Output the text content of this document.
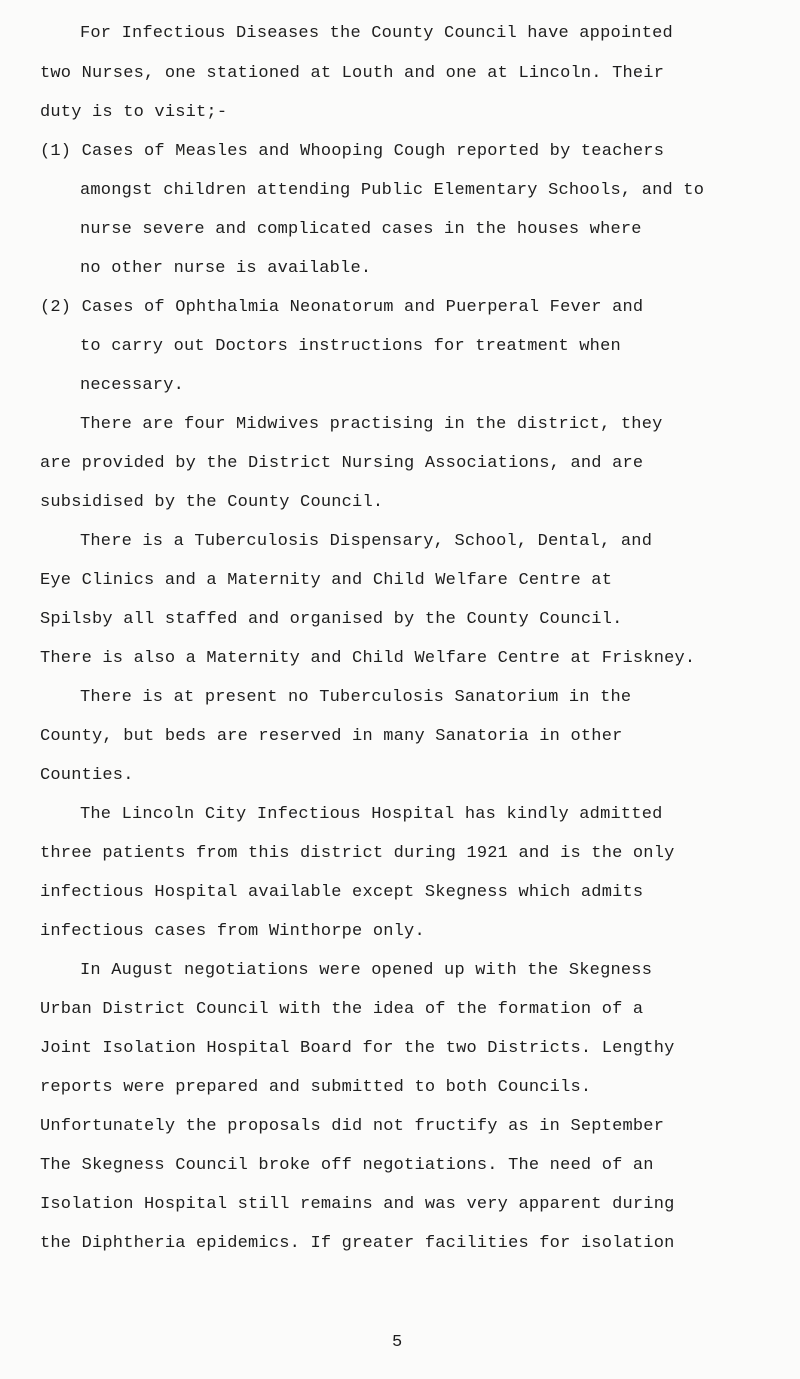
For Infectious Diseases the County Council have appointed
two Nurses, one stationed at Louth and one at Lincoln. Their
duty is to visit;-
(1) Cases of Measles and Whooping Cough reported by teachers
amongst children attending Public Elementary Schools, and to
nurse severe and complicated cases in the houses where
no other nurse is available.
(2) Cases of Ophthalmia Neonatorum and Puerperal Fever and
to carry out Doctors instructions for treatment when
necessary.
There are four Midwives practising in the district, they
are provided by the District Nursing Associations, and are
subsidised by the County Council.
There is a Tuberculosis Dispensary, School, Dental, and
Eye Clinics and a Maternity and Child Welfare Centre at
Spilsby all staffed and organised by the County Council.
There is also a Maternity and Child Welfare Centre at Friskney.
There is at present no Tuberculosis Sanatorium in the
County, but beds are reserved in many Sanatoria in other
Counties.
The Lincoln City Infectious Hospital has kindly admitted
three patients from this district during 1921 and is the only
infectious Hospital available except Skegness which admits
infectious cases from Winthorpe only.
In August negotiations were opened up with the Skegness
Urban District Council with the idea of the formation of a
Joint Isolation Hospital Board for the two Districts. Lengthy
reports were prepared and submitted to both Councils.
Unfortunately the proposals did not fructify as in September
The Skegness Council broke off negotiations. The need of an
Isolation Hospital still remains and was very apparent during
the Diphtheria epidemics. If greater facilities for isolation
5
